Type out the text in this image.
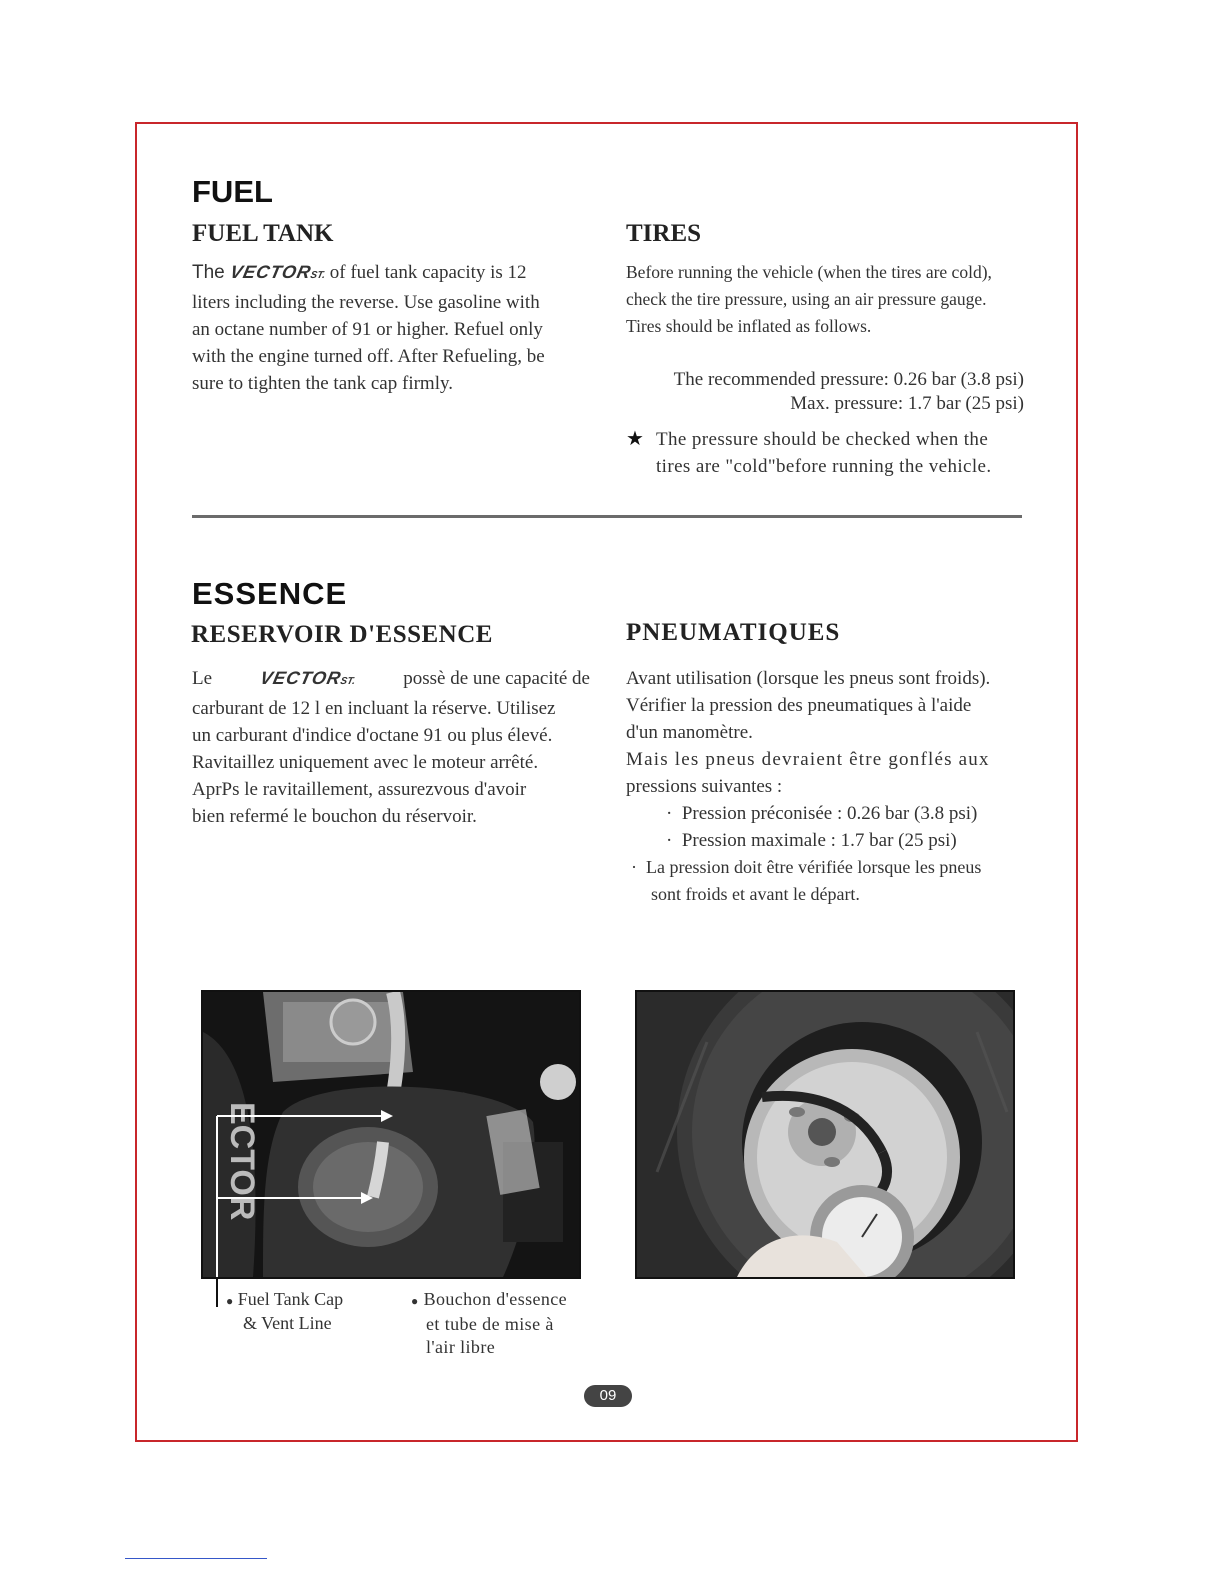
FUEL
FUEL TANK
The VECTORST. of fuel tank capacity is 12
liters including the reverse. Use gasoline with
an octane number of 91 or higher. Refuel only
with the engine turned off. After Refueling, be
sure to tighten the tank cap firmly.
TIRES
Before running the vehicle (when the tires are cold),
check the tire pressure, using an air pressure gauge.
Tires should be inflated as follows.
The recommended pressure: 0.26 bar (3.8 psi)
Max. pressure: 1.7 bar (25 psi)
★ The pressure should be checked when the
tires are "cold"before running the vehicle.
ESSENCE
RESERVOIR D'ESSENCE
Le	VECTORST. possè de une capacité de
carburant de 12 l en incluant la réserve. Utilisez
un carburant d'indice d'octane 91 ou plus élevé.
Ravitaillez uniquement avec le moteur arrêté.
AprPs le ravitaillement, assurezvous d'avoir
bien refermé le bouchon du réservoir.
PNEUMATIQUES
Avant utilisation (lorsque les pneus sont froids).
Vérifier la pression des pneumatiques à l'aide
d'un manomètre.
Mais les pneus devraient être gonflés aux
pressions suivantes :
· Pression préconisée : 0.26 bar (3.8 psi)
· Pression maximale : 1.7 bar (25 psi)
· La pression doit être vérifiée lorsque les pneus
sont froids et avant le départ.
ECTOR
● Fuel Tank Cap
& Vent Line
● Bouchon d'essence
et tube de mise à
l'air libre
09
